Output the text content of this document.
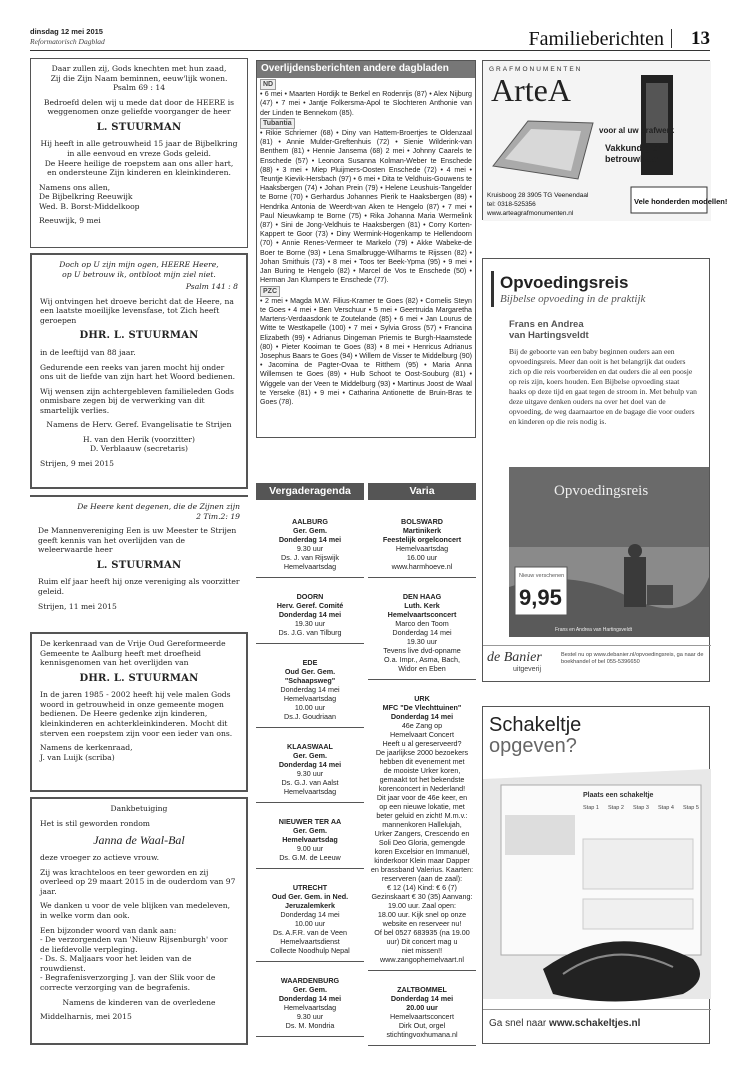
dinsdag 12 mei 2015
Reformatorisch Dagblad	Familieberichten 13

Daar zullen zij, Gods knechten met hun zaad,

Zij die Zijn Naam beminnen, eeuw'lijk wonen.

Psalm 69 : 14

Bedroefd delen wij u mede dat door de HEERE is weggenomen onze geliefde voorganger de heer

L. STUURMAN

Hij heeft in alle getrouwheid 15 jaar de Bijbelkring in alle eenvoud en vreze Gods geleid.

De Heere heilige de roepstem aan ons aller hart, en ondersteune Zijn kinderen en kleinkinderen.

Namens ons allen,

De Bijbelkring Reeuwijk

Wed. B. Borst-Middelkoop

Reeuwijk, 9 mei

Doch op U zijn mijn ogen, HEERE Heere,

op U betrouw ik, ontbloot mijn ziel niet.

Psalm 141 : 8

Wij ontvingen het droeve bericht dat de Heere, na een laatste moeilijke levensfase, tot Zich heeft geroepen

DHR. L. STUURMAN

in de leeftijd van 88 jaar.

Gedurende een reeks van jaren mocht hij onder ons uit de liefde van zijn hart het Woord bedienen.

Wij wensen zijn achtergebleven familieleden Gods onmisbare zegen bij de verwerking van dit smartelijk verlies.

Namens de Herv. Geref. Evangelisatie te Strijen

H. van den Herik (voorzitter)

D. Verblaauw (secretaris)

Strijen, 9 mei 2015

De Heere kent degenen, die de Zijnen zijn

2 Tim.2: 19

De Mannenvereniging Een is uw Meester te Strijen geeft kennis van het overlijden van de weleerwaarde heer

L. STUURMAN

Ruim elf jaar heeft hij onze vereniging als voorzitter geleid.

Strijen, 11 mei 2015

De kerkenraad van de Vrije Oud Gereformeerde Gemeente te Aalburg heeft met droefheid kennisgenomen van het overlijden van

DHR. L. STUURMAN

In de jaren 1985 - 2002 heeft hij vele malen Gods woord in getrouwheid in onze gemeente mogen bedienen. De Heere gedenke zijn kinderen, kleinkinderen en achterkleinkinderen. Mocht dit sterven een roepstem zijn voor een ieder van ons.

Namens de kerkenraad,

J. van Luijk (scriba)

Dankbetuiging

Het is stil geworden rondom

Janna de Waal-Bal

deze vroeger zo actieve vrouw.

Zij was krachteloos en teer geworden en zij overleed op 29 maart 2015 in de ouderdom van 97 jaar.

We danken u voor de vele blijken van medeleven, in welke vorm dan ook.

Een bijzonder woord van dank aan:

- De verzorgenden van 'Nieuw Rijsenburgh' voor de liefdevolle verpleging.

- Ds. S. Maljaars voor het leiden van de rouwdienst.

- Begrafenisverzorging J. van der Slik voor de correcte verzorging van de begrafenis.

Namens de kinderen van de overledene

Middelharnis, mei 2015

Overlijdensberichten andere dagbladen
ND
• 6 mei • Maarten Hordijk te Berkel en Rodenrijs (87) • Alex Nijburg (47) • 7 mei • Jantje Folkersma-Apol te Slochteren Anthonie van der Linden te Bennekom (85).
Tubantia
• Rikie Schriemer (68) • Diny van Hattem-Broertjes te Oldenzaal (81) • Annie Mulder-Greftenhuis (72) • Sienie Wilderink-van Benthem (81) • Hennie Jansema (68) 2 mei • Johnny Caarels te Enschede (57) • Leonora Susanna Kolman-Weber te Enschede (88) • 3 mei • Miep Pluijmers-Oosten Enschede (72) • 4 mei • Teuntje Kievik-Hersbach (97) • 6 mei • Dita te Veldhuis-Gouwens te Haaksbergen (74) • Johan Prein (79) • Helene Leushuis-Tangelder te Borne (70) • Gerhardus Johannes Pierik te Haaksbergen (89) • Hendrika Antonia de Weerdt-van Aken te Hengelo (87) • 7 mei • Paul Nieuwkamp te Borne (75) • Rika Johanna Maria Wermelink (87) • Sini de Jong-Veldhuis te Haaksbergen (81) • Corry Korten-Kappert te Goor (73) • Diny Wermink-Hogenkamp te Hellendoorn (70) • Annie Renes-Vermeer te Markelo (79) • Akke Wabeke-de Boer te Borne (93) • Lena Smalbrugge-Wilharms te Rijssen (82) • Johan Smithuis (73) • 8 mei • Toos ter Beek-Ypma (95) • 9 mei • Jan Buring te Hengelo (82) • Marcel de Vos te Enschede (50) • Herman Jan Klumpers te Enschede (77).
PZC
• 2 mei • Magda M.W. Filius-Kramer te Goes (82) • Cornelis Steyn te Goes • 4 mei • Ben Verschuur • 5 mei • Geertruida Margaretha Martens-Verdaasdonk te Zoutelande (85) • 6 mei • Jan Lourus de Witte te Westkapelle (100) • 7 mei • Sylvia Gross (57) • Francina Elizabeth (99) • Adrianus Dingeman Priemis te Burgh-Haamstede (80) • Pieter Kooiman te Goes (83) • 8 mei • Henricus Adrianus Josephus Baars te Goes (94) • Willem de Visser te Middelburg (90) • Jacomina de Pagter-Ovaa te Ritthem (95) • Maria Anna Willemsen te Goes (89) • Hulb Schoot te Oost-Souburg (81) • Wiggele van der Veen te Middelburg (93) • Martinus Joost de Waal te Yerseke (81) • 9 mei • Catharina Antionette de Bruin-Bras te Goes (78).
Vergaderagenda	Varia
AALBURG
Ger. Gem.
Donderdag 14 mei
9.30 uur
Ds. J. van Rijswijk
Hemelvaartsdag
DOORN
Herv. Geref. Comité
Donderdag 14 mei
19.30 uur
Ds. J.G. van Tilburg
EDE
Oud Ger. Gem.
"Schaapsweg"
Donderdag 14 mei
Hemelvaartsdag
10.00 uur
Ds.J. Goudriaan
KLAASWAAL
Ger. Gem.
Donderdag 14 mei
9.30 uur
Ds. G.J. van Aalst
Hemelvaartsdag
NIEUWER TER AA
Ger. Gem.
Hemelvaartsdag
9.00 uur
Ds. G.M. de Leeuw
UTRECHT
Oud Ger. Gem. in Ned.
Jeruzalemkerk
Donderdag 14 mei
10.00 uur
Ds. A.F.R. van de Veen
Hemelvaartsdienst
Collecte Noodhulp Nepal
WAARDENBURG
Ger. Gem.
Donderdag 14 mei
Hemelvaartsdag
9.30 uur
Ds. M. Mondria
BOLSWARD
Martinikerk
Feestelijk orgelconcert
Hemelvaartsdag
16.00 uur
www.harmhoeve.nl
DEN HAAG
Luth. Kerk
Hemelvaartsconcert
Marco den Toom
Donderdag 14 mei
19.30 uur
Tevens live dvd-opname
O.a. Impr., Asma, Bach,
Widor en Eben
URK
MFC "De Vlechttuinen"
Donderdag 14 mei
46e Zang op
Hemelvaart Concert
Heeft u al gereserveerd?
De jaarlijkse 2000 bezoekers
hebben dit evenement met
de mooiste Urker koren, gemaakt tot het bekendste
korenconcert in Nederland!
Dit jaar voor de 46e keer, en
op een nieuwe lokatie, met
beter geluid en zicht! M.m.v.:
mannenkoren Hallelujah,
Urker Zangers, Crescendo en
Soli Deo Gloria, gemengde
koren Excelsior en Immanuël,
kinderkoor Klein maar Dapper
en brassband Valerius. Kaarten: reserveren (aan de zaal):
€ 12 (14) Kind: € 6 (7)
Gezinskaart € 30 (35) Aanvang: 19.00 uur. Zaal open:
18.00 uur. Kijk snel op onze
website en reserveer nu!
Of bel 0527 683935 (na 19.00
uur) Dit concert mag u
niet missen!!
www.zangophemelvaart.nl
ZALTBOMMEL
Donderdag 14 mei
20.00 uur
Hemelvaartsconcert
Dirk Out, orgel
stichtingvoxhumana.nl
GRAFMONUMENTEN
ArteA
voor al uw grafwerk
Vakkundig en
betrouwbaar
Vele honderden modellen!
Kruisboog 28 3905 TG Veenendaal
tel: 0318-525356
www.arteagrafmonumenten.nl
Opvoedingsreis
Bijbelse opvoeding in de praktijk
Frans en Andrea
van Hartingsveldt
Bij de geboorte van een baby beginnen ouders aan een opvoedingsreis. Meer dan ooit is het belangrijk dat ouders zich op die reis voorbereiden en dat ouders die al een poosje op reis zijn, koers houden. Een Bijbelse opvoeding staat haaks op deze tijd en gaat tegen de stroom in. Met behulp van deze uitgave denken ouders na over het doel van de opvoeding, de weg daarnaartoe en de bagage die voor ouders en kinderen op die reis nodig is.
Opvoedingsreis
Nieuw verschenen
9,95
Frans en Andrea van Hartingsveldt
de Banier
uitgeverij
Bestel nu op www.debanier.nl/opvoedingsreis, ga naar de boekhandel of bel 055-5396650
Schakeltje
opgeven?
Plaats een schakeltje
Stap 1 Stap 2 Stap 3 Stap 4 Stap 5
Ga snel naar www.schakeltjes.nl
